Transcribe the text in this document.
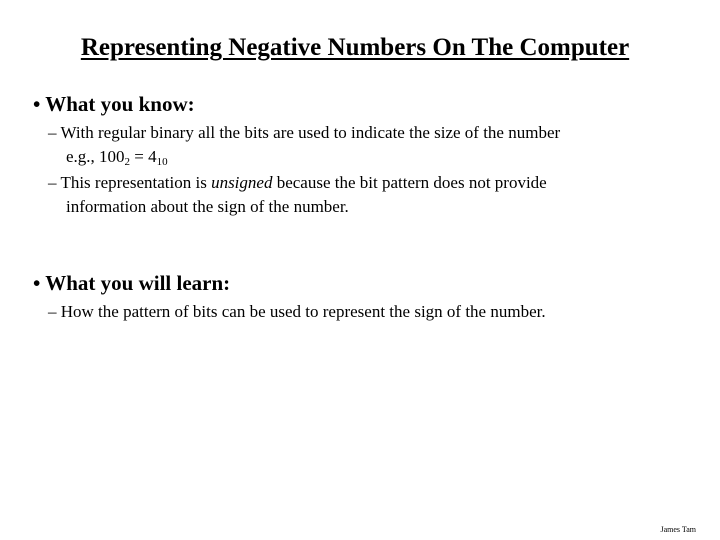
Representing Negative Numbers On The Computer
• What you know:
– With regular binary all the bits are used to indicate the size of the number
e.g., $100_2 = 4_{10}$
– This representation is unsigned because the bit pattern does not provide
information about the sign of the number.
• What you will learn:
– How the pattern of bits can be used to represent the sign of the number.
James Tam
